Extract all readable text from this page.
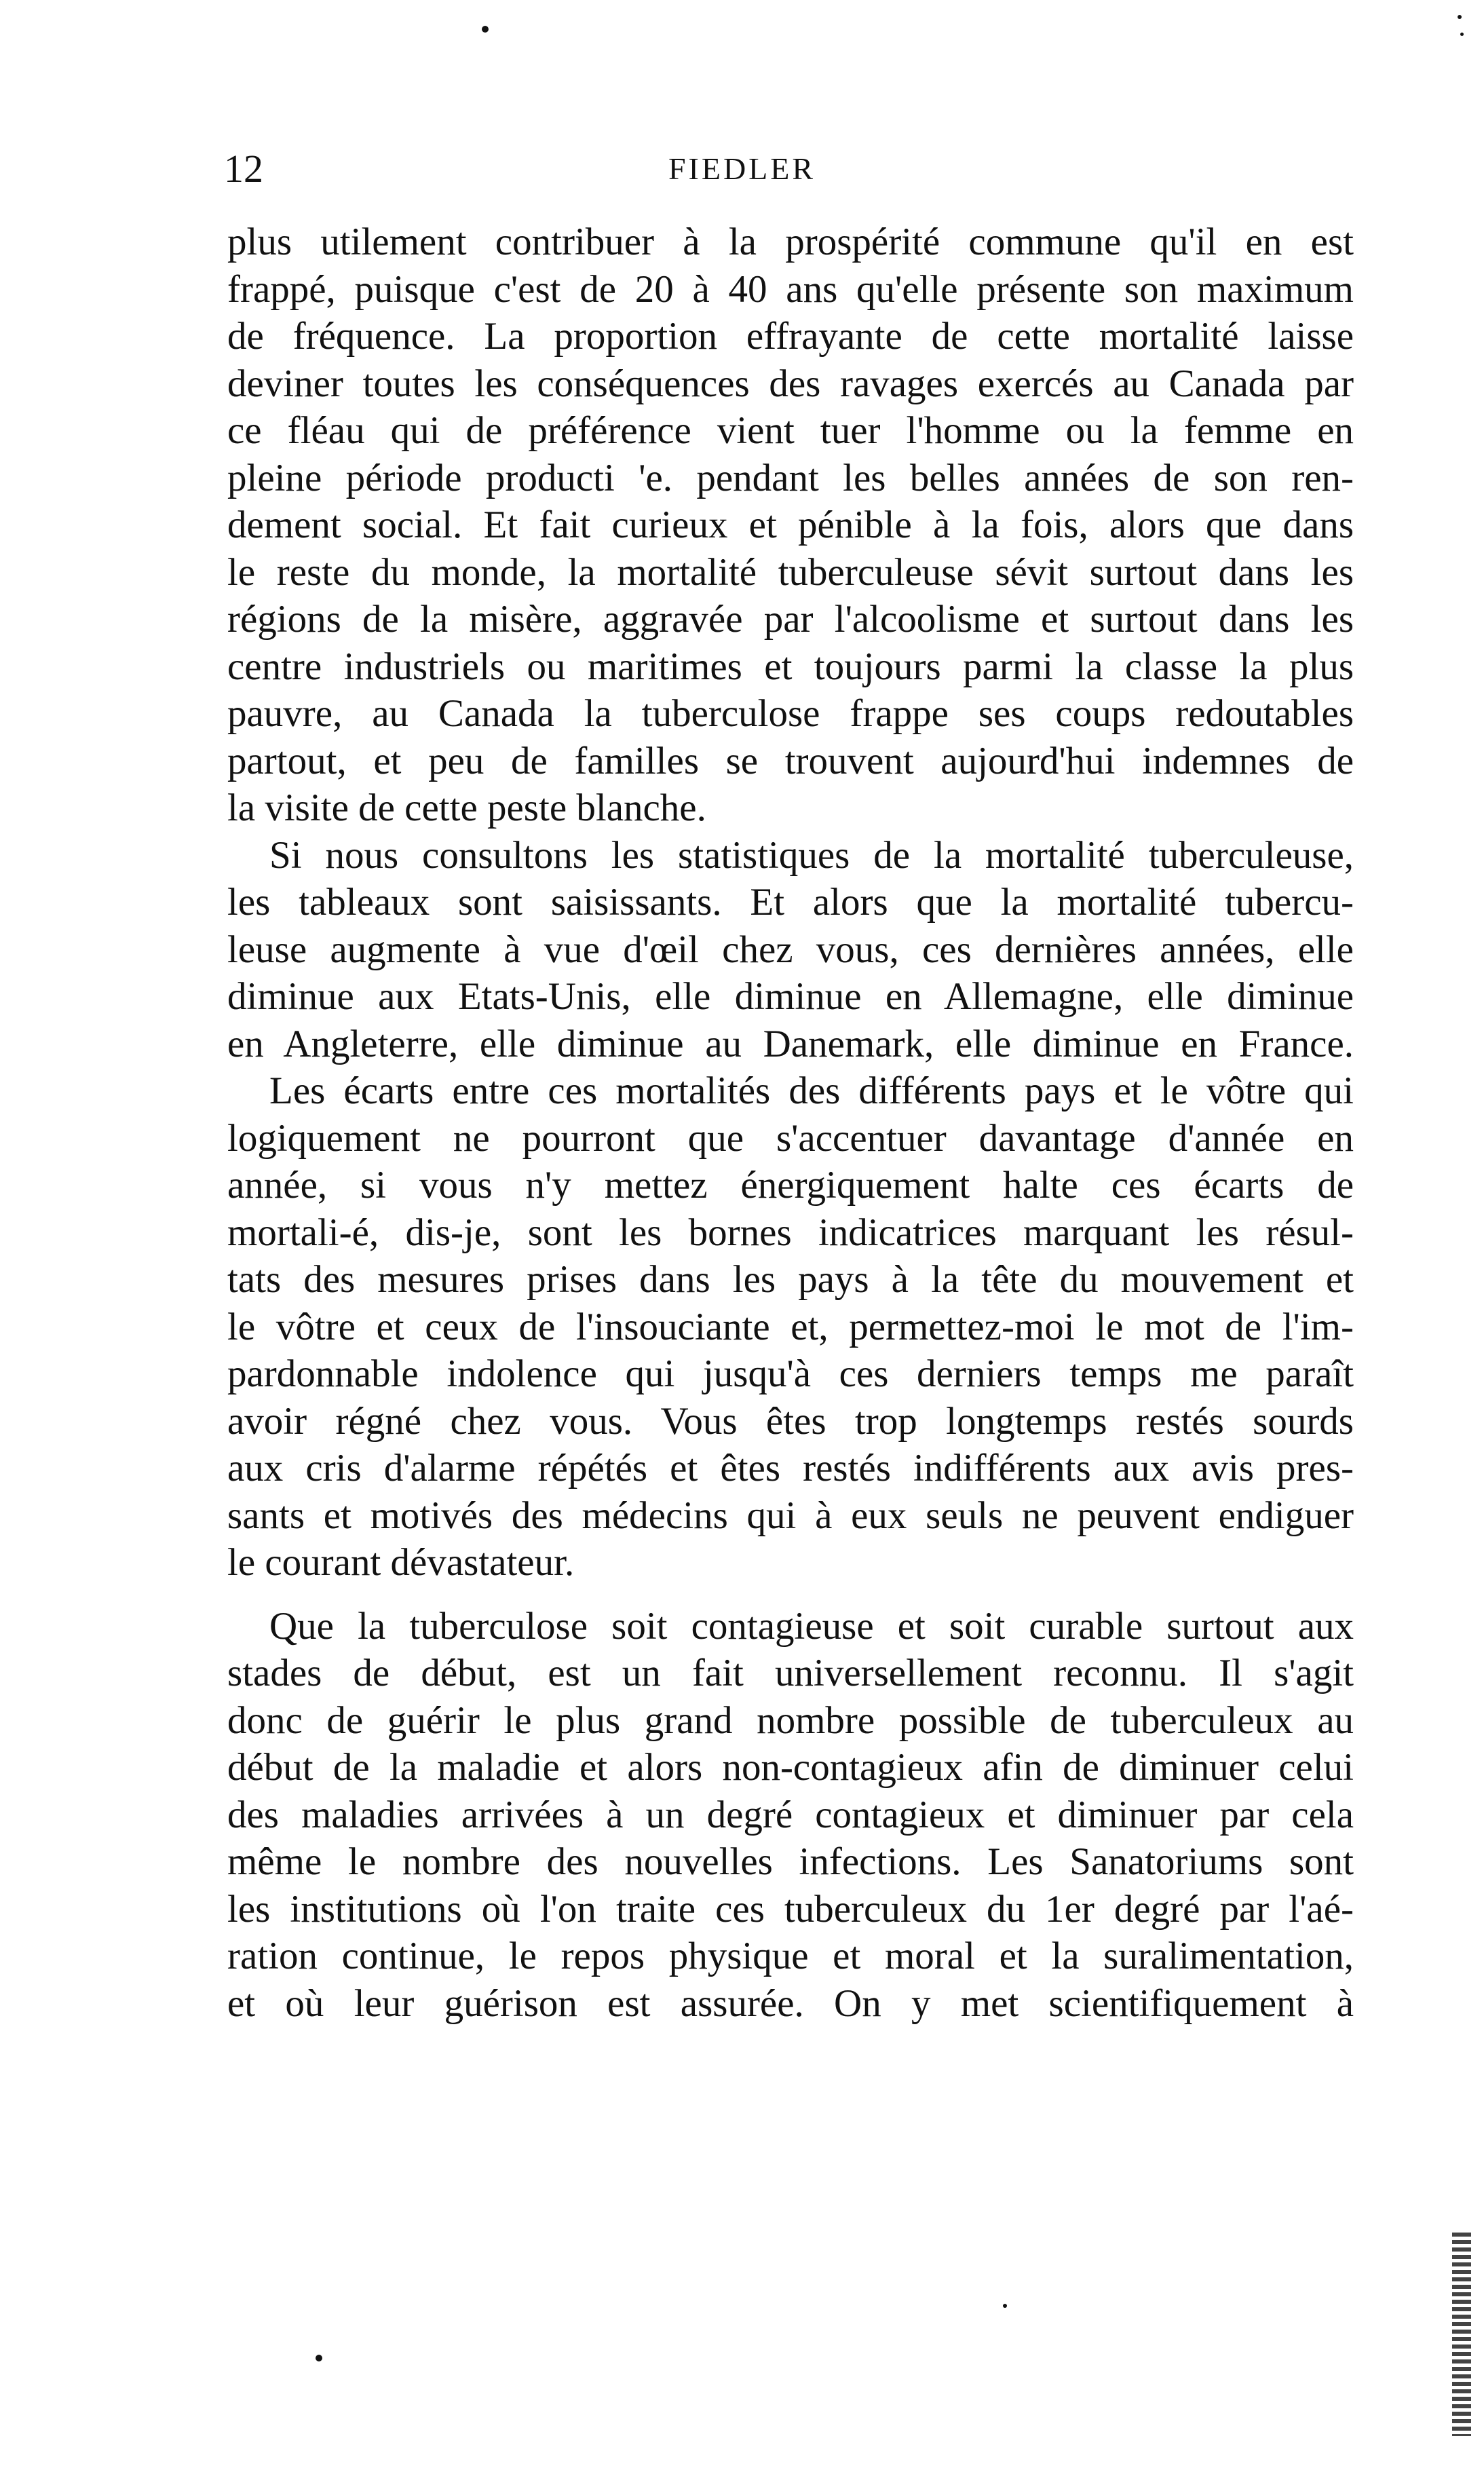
12	FIEDLER
plus utilement contribuer à la prospérité commune qu'il en est
frappé, puisque c'est de 20 à 40 ans qu'elle présente son maximum
de fréquence. La proportion effrayante de cette mortalité laisse
deviner toutes les conséquences des ravages exercés au Canada par
ce fléau qui de préférence vient tuer l'homme ou la femme en
pleine période producti 'e. pendant les belles années de son ren-
dement social. Et fait curieux et pénible à la fois, alors que dans
le reste du monde, la mortalité tuberculeuse sévit surtout dans les
régions de la misère, aggravée par l'alcoolisme et surtout dans les
centre industriels ou maritimes et toujours parmi la classe la plus
pauvre, au Canada la tuberculose frappe ses coups redoutables
partout, et peu de familles se trouvent aujourd'hui indemnes de
la visite de cette peste blanche.
Si nous consultons les statistiques de la mortalité tuberculeuse,
les tableaux sont saisissants. Et alors que la mortalité tubercu-
leuse augmente à vue d'œil chez vous, ces dernières années, elle
diminue aux Etats-Unis, elle diminue en Allemagne, elle diminue
en Angleterre, elle diminue au Danemark, elle diminue en France.
Les écarts entre ces mortalités des différents pays et le vôtre qui
logiquement ne pourront que s'accentuer davantage d'année en
année, si vous n'y mettez énergiquement halte ces écarts de
mortali-é, dis-je, sont les bornes indicatrices marquant les résul-
tats des mesures prises dans les pays à la tête du mouvement et
le vôtre et ceux de l'insouciante et, permettez-moi le mot de l'im-
pardonnable indolence qui jusqu'à ces derniers temps me paraît
avoir régné chez vous. Vous êtes trop longtemps restés sourds
aux cris d'alarme répétés et êtes restés indifférents aux avis pres-
sants et motivés des médecins qui à eux seuls ne peuvent endiguer
le courant dévastateur.
Que la tuberculose soit contagieuse et soit curable surtout aux
stades de début, est un fait universellement reconnu. Il s'agit
donc de guérir le plus grand nombre possible de tuberculeux au
début de la maladie et alors non-contagieux afin de diminuer celui
des maladies arrivées à un degré contagieux et diminuer par cela
même le nombre des nouvelles infections. Les Sanatoriums sont
les institutions où l'on traite ces tuberculeux du 1er degré par l'aé-
ration continue, le repos physique et moral et la suralimentation,
et où leur guérison est assurée. On y met scientifiquement à
